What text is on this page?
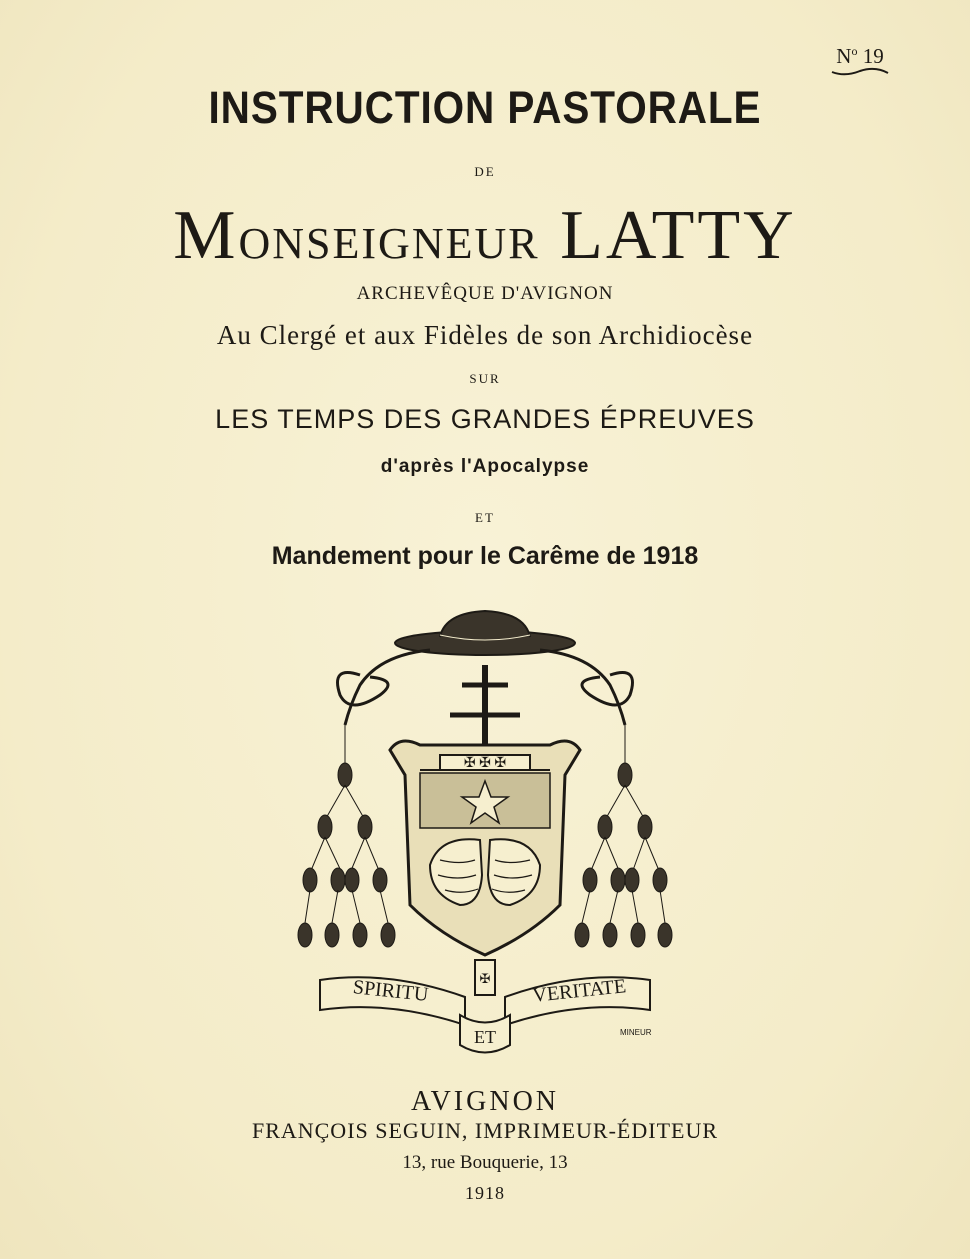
$N^o$ 19
INSTRUCTION PASTORALE
DE
MONSEIGNEUR LATTY
ARCHEVÊQUE D'AVIGNON
Au Clergé et aux Fidèles de son Archidiocèse
SUR
LES TEMPS DES GRANDES ÉPREUVES
d'après l'Apocalypse
ET
Mandement pour le Carême de 1918
✠ ✠ ✠
✠
SPIRITU
ET
VERITATE
MINEUR
AVIGNON
FRANÇOIS SEGUIN, IMPRIMEUR-ÉDITEUR
13, rue Bouquerie, 13
1918
